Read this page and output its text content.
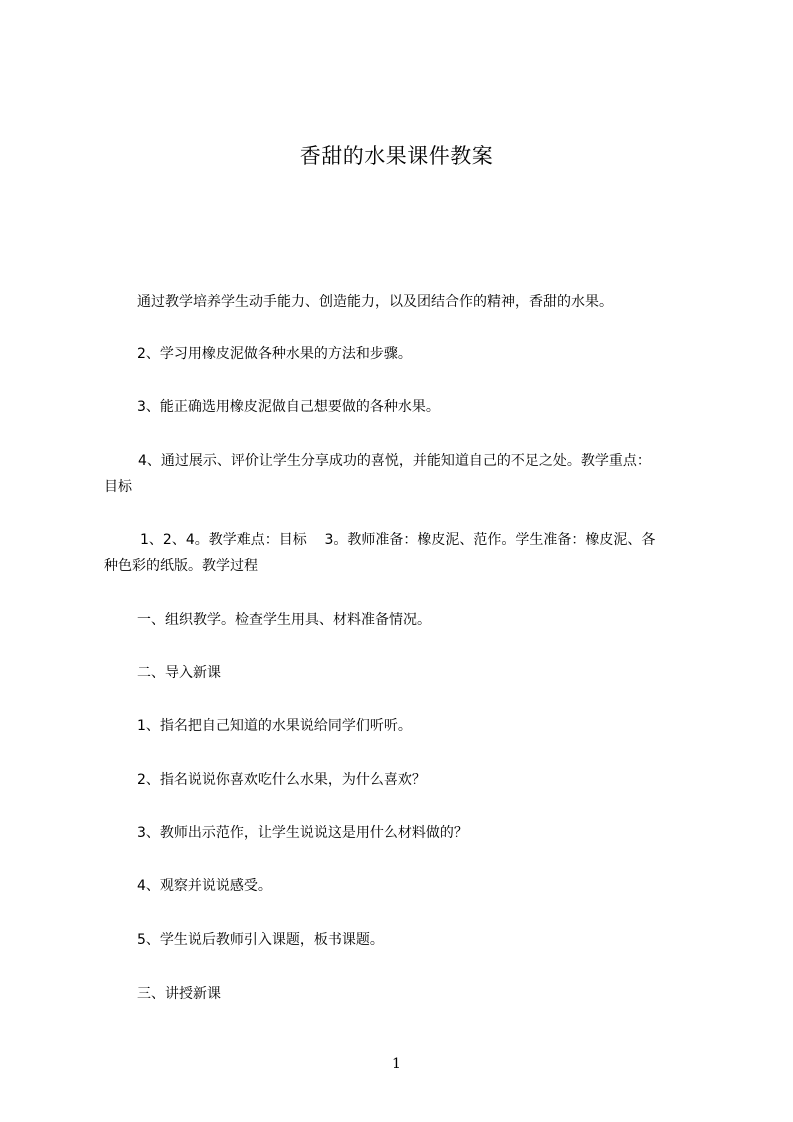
香甜的水果课件教案
通过教学培养学生动手能力、创造能力，以及团结合作的精神，香甜的水果。
2、学习用橡皮泥做各种水果的方法和步骤。
3、能正确选用橡皮泥做自己想要做的各种水果。
4、通过展示、评价让学生分享成功的喜悦，并能知道自己的不足之处。教学重点：
目标
1、2、4。教学难点：目标    3。教师准备：橡皮泥、范作。学生准备：橡皮泥、各
种色彩的纸版。教学过程
一、组织教学。检查学生用具、材料准备情况。
二、导入新课
1、指名把自己知道的水果说给同学们听听。
2、指名说说你喜欢吃什么水果，为什么喜欢？
3、教师出示范作，让学生说说这是用什么材料做的？
4、观察并说说感受。
5、学生说后教师引入课题，板书课题。
三、讲授新课
1
